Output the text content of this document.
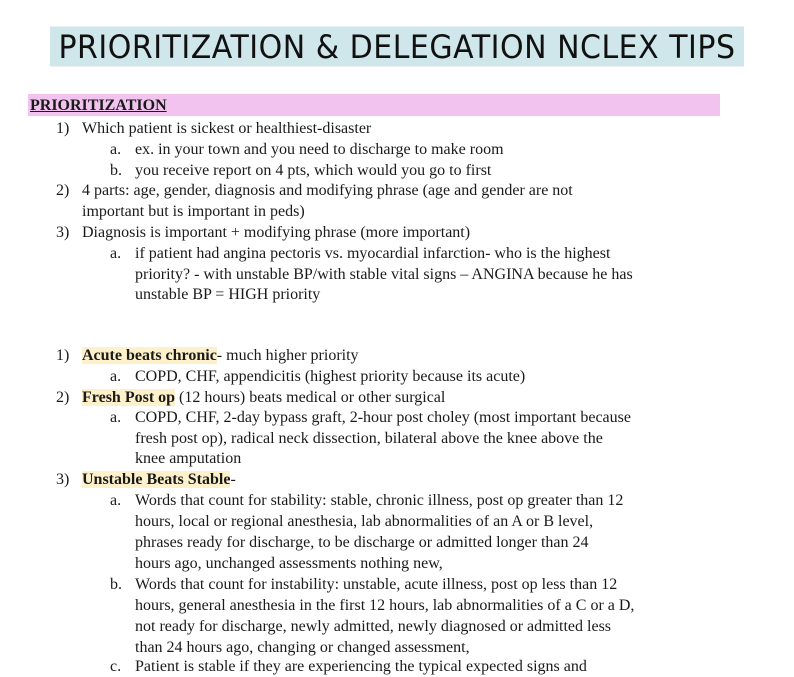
PRIORITIZATION & DELEGATION NCLEX TIPS
PRIORITIZATION
1) Which patient is sickest or healthiest-disaster
a. ex. in your town and you need to discharge to make room
b. you receive report on 4 pts, which would you go to first
2) 4 parts: age, gender, diagnosis and modifying phrase (age and gender are not
important but is important in peds)
3) Diagnosis is important + modifying phrase (more important)
a. if patient had angina pectoris vs. myocardial infarction- who is the highest
priority? - with unstable BP/with stable vital signs – ANGINA because he has
unstable BP = HIGH priority
1) Acute beats chronic- much higher priority
a. COPD, CHF, appendicitis (highest priority because its acute)
2) Fresh Post op (12 hours) beats medical or other surgical
a. COPD, CHF, 2-day bypass graft, 2-hour post choley (most important because
fresh post op), radical neck dissection, bilateral above the knee above the
knee amputation
3) Unstable Beats Stable-
a. Words that count for stability: stable, chronic illness, post op greater than 12
hours, local or regional anesthesia, lab abnormalities of an A or B level,
phrases ready for discharge, to be discharge or admitted longer than 24
hours ago, unchanged assessments nothing new,
b. Words that count for instability: unstable, acute illness, post op less than 12
hours, general anesthesia in the first 12 hours, lab abnormalities of a C or a D,
not ready for discharge, newly admitted, newly diagnosed or admitted less
than 24 hours ago, changing or changed assessment,
c. Patient is stable if they are experiencing the typical expected signs and
